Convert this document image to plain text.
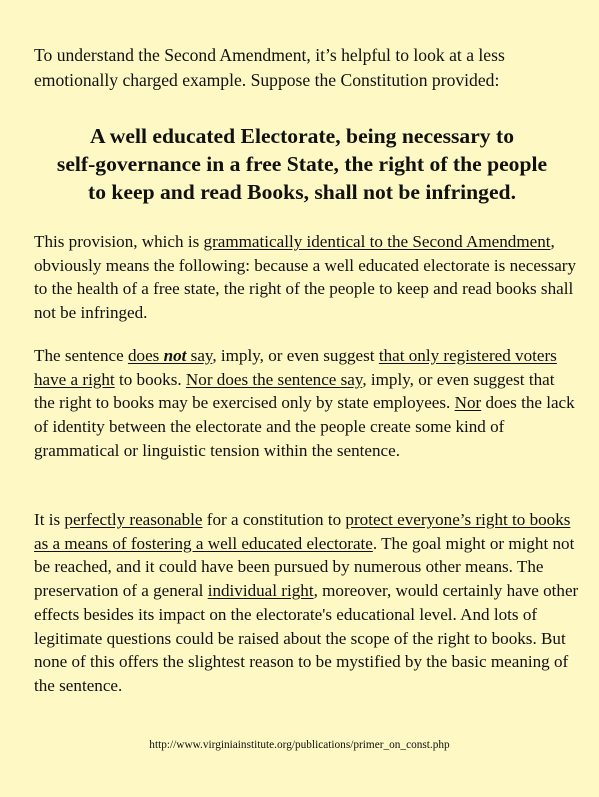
To understand the Second Amendment, it’s helpful to look at a less
emotionally charged example. Suppose the Constitution provided:
A well educated Electorate, being necessary to
self-governance in a free State, the right of the people
to keep and read Books, shall not be infringed.
This provision, which is grammatically identical to the Second Amendment, obviously means the following: because a well educated electorate is necessary to the health of a free state, the right of the people to keep and read books shall not be infringed.
The sentence does not say, imply, or even suggest that only registered voters have a right to books. Nor does the sentence say, imply, or even suggest that the right to books may be exercised only by state employees. Nor does the lack of identity between the electorate and the people create some kind of grammatical or linguistic tension within the sentence.
It is perfectly reasonable for a constitution to protect everyone’s right to books as a means of fostering a well educated electorate. The goal might or might not be reached, and it could have been pursued by numerous other means. The preservation of a general individual right, moreover, would certainly have other effects besides its impact on the electorate's educational level. And lots of legitimate questions could be raised about the scope of the right to books. But none of this offers the slightest reason to be mystified by the basic meaning of the sentence.
http://www.virginiainstitute.org/publications/primer_on_const.php
